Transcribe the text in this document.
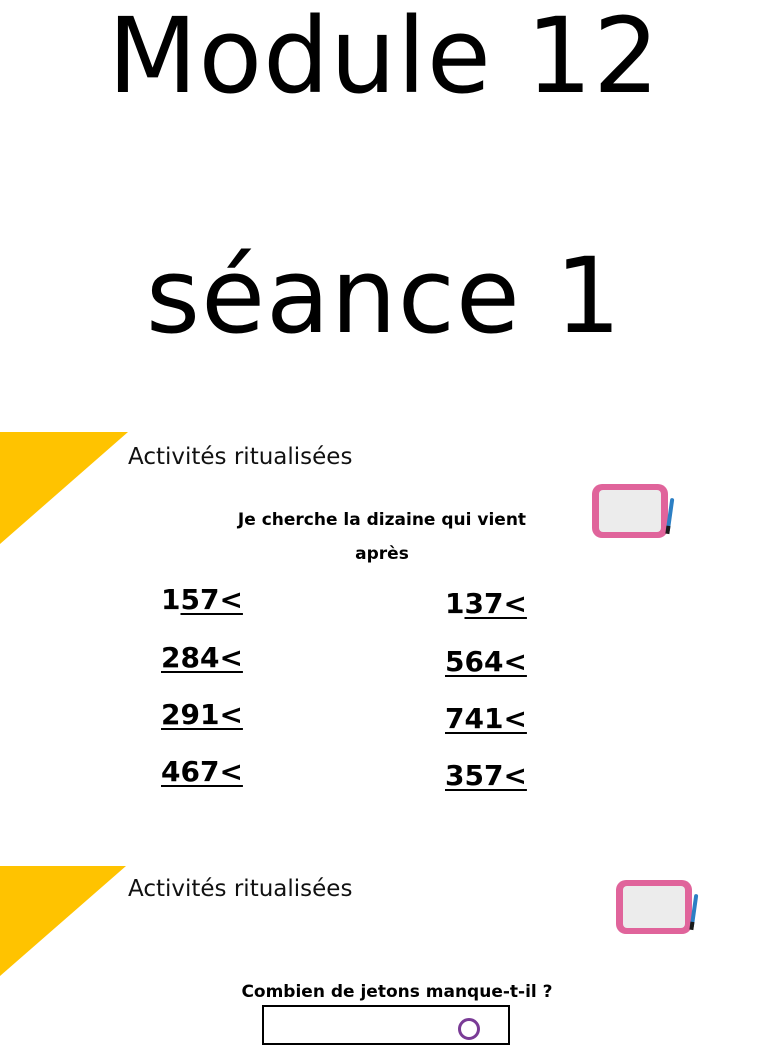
Module 12
séance 1
Activités ritualisées
Je cherche la dizaine qui vient
après
157<
284<
291<
467<
137<
564<
741<
357<
Activités ritualisées
Combien de jetons manque-t-il ?
